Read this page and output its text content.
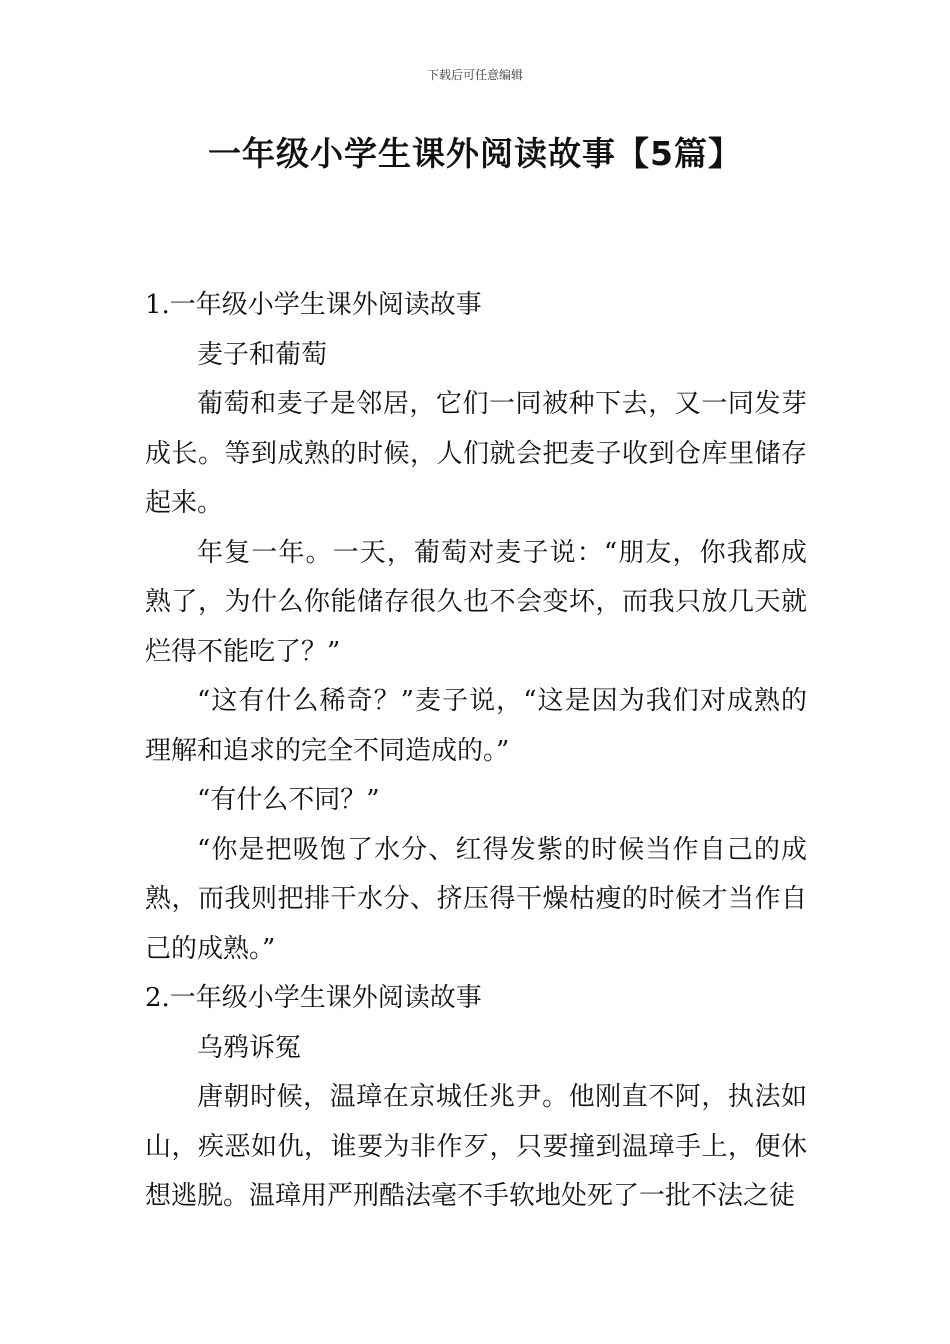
下载后可任意编辑
一年级小学生课外阅读故事【5篇】

1.一年级小学生课外阅读故事

麦子和葡萄

葡萄和麦子是邻居，它们一同被种下去，又一同发芽成长。等到成熟的时候，人们就会把麦子收到仓库里储存起来。

年复一年。一天，葡萄对麦子说：“朋友，你我都成熟了，为什么你能储存很久也不会变坏，而我只放几天就烂得不能吃了？”

“这有什么稀奇？”麦子说，“这是因为我们对成熟的理解和追求的完全不同造成的。”

“有什么不同？”

“你是把吸饱了水分、红得发紫的时候当作自己的成熟，而我则把排干水分、挤压得干燥枯瘦的时候才当作自己的成熟。”

2.一年级小学生课外阅读故事

乌鸦诉冤

唐朝时候，温璋在京城任兆尹。他刚直不阿，执法如山，疾恶如仇，谁要为非作歹，只要撞到温璋手上，便休想逃脱。温璋用严刑酷法毫不手软地处死了一批不法之徒
